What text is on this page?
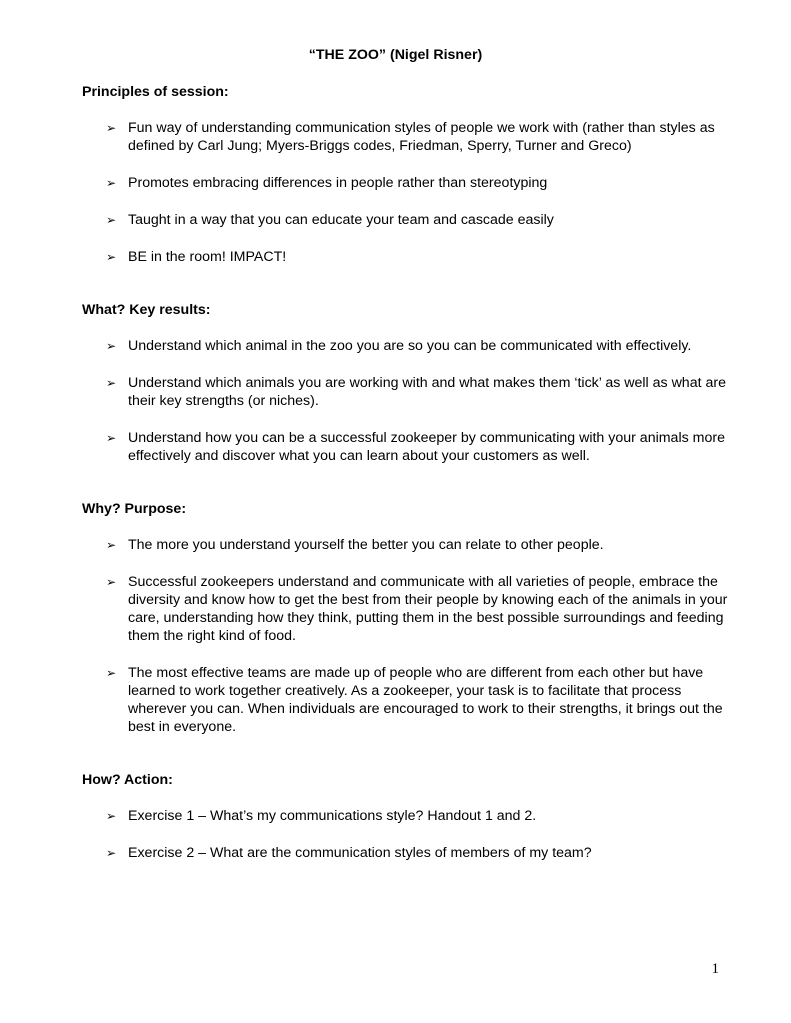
“THE ZOO” (Nigel Risner)

Principles of session:

➢ Fun way of understanding communication styles of people we work with (rather than styles as defined by Carl Jung; Myers-Briggs codes, Friedman, Sperry, Turner and Greco)
➢ Promotes embracing differences in people rather than stereotyping
➢ Taught in a way that you can educate your team and cascade easily
➢ BE in the room! IMPACT!

What? Key results:

➢ Understand which animal in the zoo you are so you can be communicated with effectively.
➢ Understand which animals you are working with and what makes them ‘tick’ as well as what are their key strengths (or niches).
➢ Understand how you can be a successful zookeeper by communicating with your animals more effectively and discover what you can learn about your customers as well.

Why? Purpose:

➢ The more you understand yourself the better you can relate to other people.
➢ Successful zookeepers understand and communicate with all varieties of people, embrace the diversity and know how to get the best from their people by knowing each of the animals in your care, understanding how they think, putting them in the best possible surroundings and feeding them the right kind of food.
➢ The most effective teams are made up of people who are different from each other but have learned to work together creatively. As a zookeeper, your task is to facilitate that process wherever you can. When individuals are encouraged to work to their strengths, it brings out the best in everyone.

How? Action:

➢ Exercise 1 – What’s my communications style? Handout 1 and 2.
➢ Exercise 2 – What are the communication styles of members of my team?
1
